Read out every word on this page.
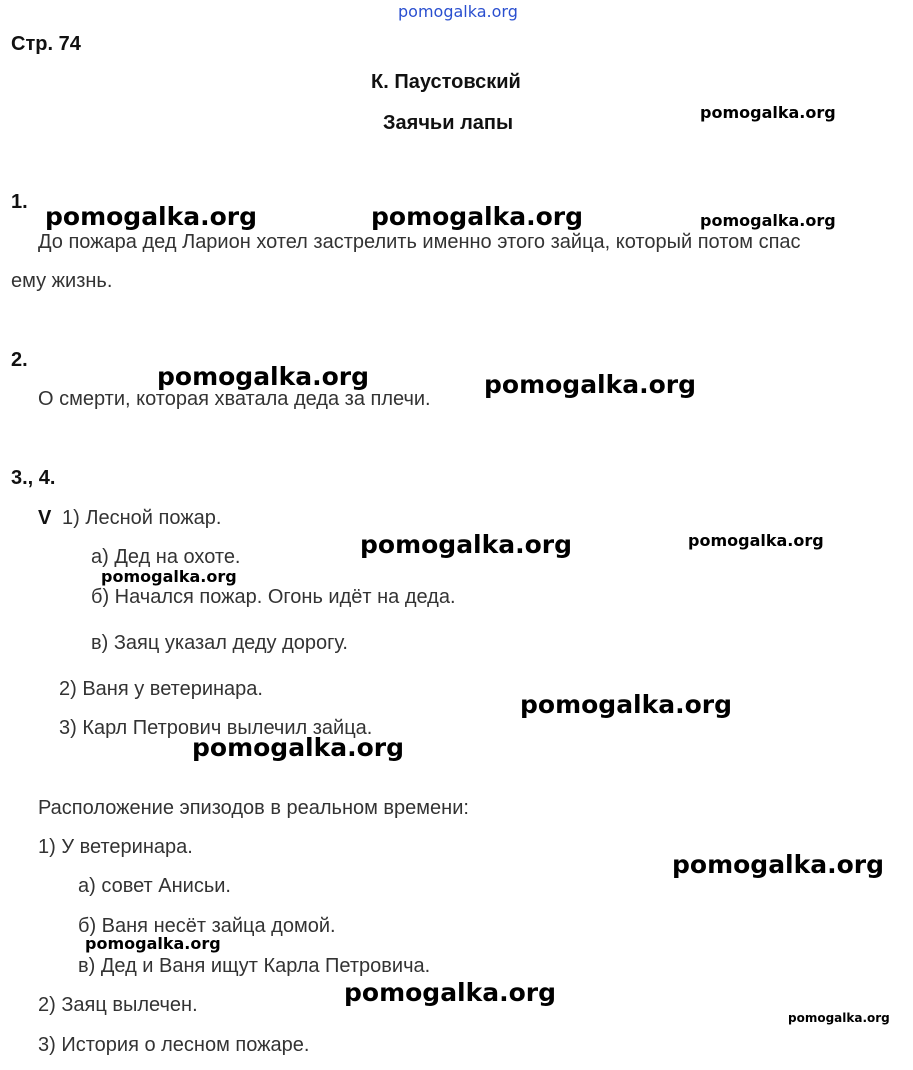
pomogalka.org
Стр. 74
К. Паустовский
Заячьи лапы
1.
До пожара дед Ларион хотел застрелить именно этого зайца, который потом спас
ему жизнь.
2.
О смерти, которая хватала деда за плечи.
3., 4.
V 1) Лесной пожар.
а) Дед на охоте.
б) Начался пожар. Огонь идёт на деда.
в) Заяц указал деду дорогу.
2) Ваня у ветеринара.
3) Карл Петрович вылечил зайца.
Расположение эпизодов в реальном времени:
1) У ветеринара.
а) совет Анисьи.
б) Ваня несёт зайца домой.
в) Дед и Ваня ищут Карла Петровича.
2) Заяц вылечен.
3) История о лесном пожаре.
pomogalka.org
pomogalka.org	pomogalka.org	pomogalka.org
pomogalka.org	pomogalka.org
pomogalka.org	pomogalka.org
pomogalka.org
pomogalka.org
pomogalka.org
pomogalka.org
pomogalka.org
pomogalka.org
pomogalka.org
